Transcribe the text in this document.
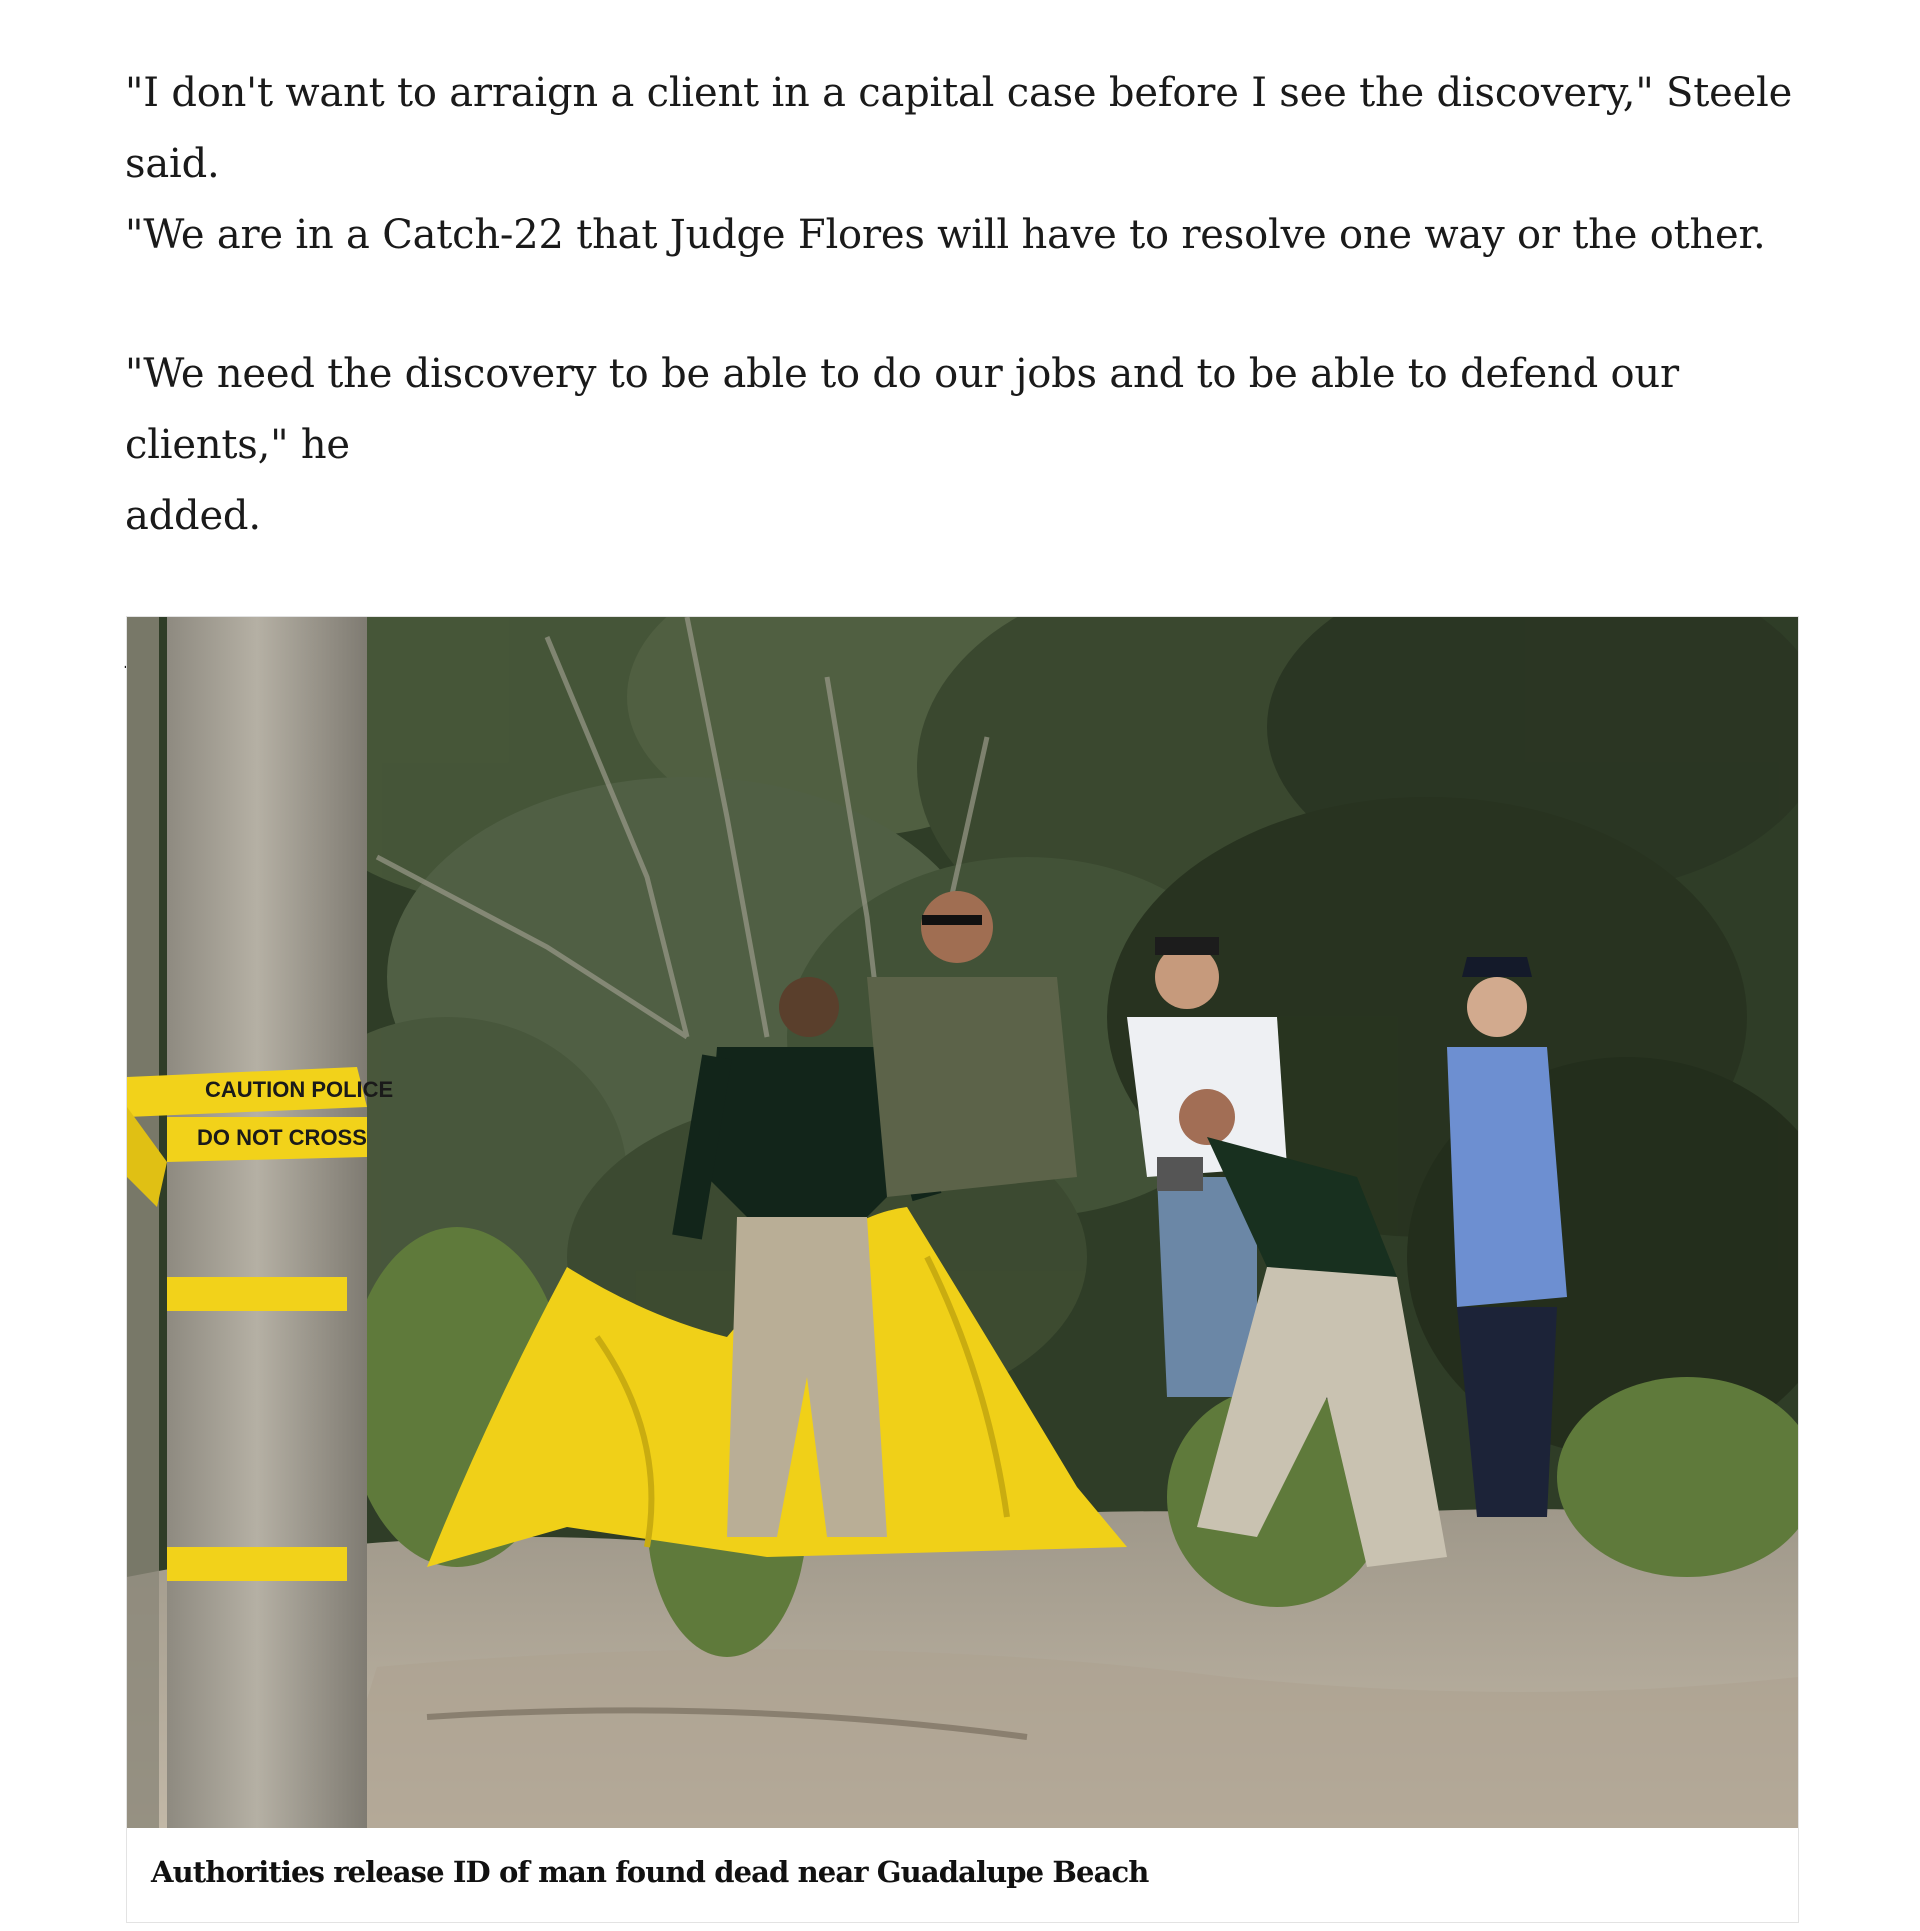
"I don't want to arraign a client in a capital case before I see the discovery," Steele said.
"We are in a Catch-22 that Judge Flores will have to resolve one way or the other.

"We need the discovery to be able to do our jobs and to be able to defend our clients," he
added.

CAUTION POLICE
DO NOT CROSS
Authorities release ID of man found dead near Guadalupe Beach
